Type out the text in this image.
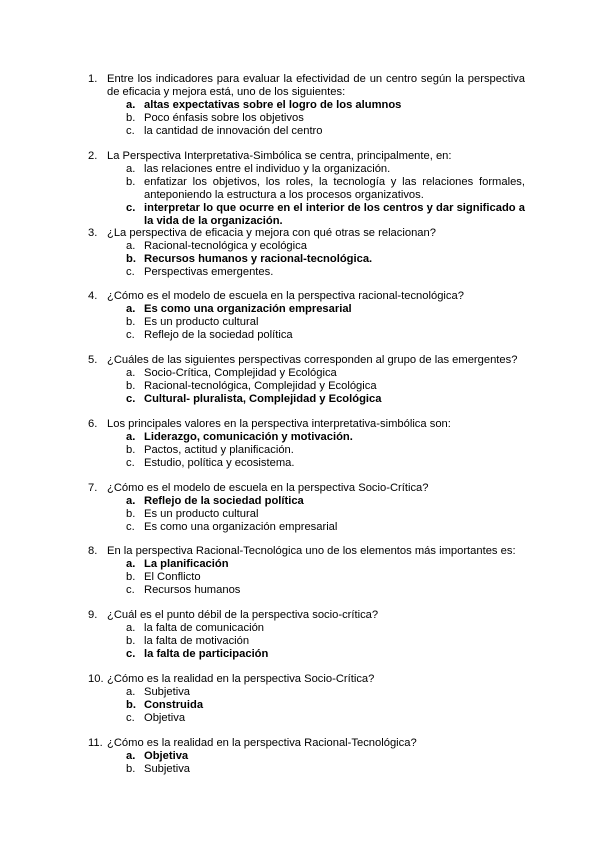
1. Entre los indicadores para evaluar la efectividad de un centro según la perspectiva
de eficacia y mejora está, uno de los siguientes:
a. altas expectativas sobre el logro de los alumnos
b. Poco énfasis sobre los objetivos
c. la cantidad de innovación del centro
2. La Perspectiva Interpretativa-Simbólica se centra, principalmente, en:
a. las relaciones entre el individuo y la organización.
b. enfatizar los objetivos, los roles, la tecnología y las relaciones formales,
anteponiendo la estructura a los procesos organizativos.
c. interpretar lo que ocurre en el interior de los centros y dar significado a
la vida de la organización.
3. ¿La perspectiva de eficacia y mejora con qué otras se relacionan?
a. Racional-tecnológica y ecológica
b. Recursos humanos y racional-tecnológica.
c. Perspectivas emergentes.
4. ¿Cómo es el modelo de escuela en la perspectiva racional-tecnológica?
a. Es como una organización empresarial
b. Es un producto cultural
c. Reflejo de la sociedad política
5. ¿Cuáles de las siguientes perspectivas corresponden al grupo de las emergentes?
a. Socio-Crítica, Complejidad y Ecológica
b. Racional-tecnológica, Complejidad y Ecológica
c. Cultural- pluralista, Complejidad y Ecológica
6. Los principales valores en la perspectiva interpretativa-simbólica son:
a. Liderazgo, comunicación y motivación.
b. Pactos, actitud y planificación.
c. Estudio, política y ecosistema.
7. ¿Cómo es el modelo de escuela en la perspectiva Socio-Crítica?
a. Reflejo de la sociedad política
b. Es un producto cultural
c. Es como una organización empresarial
8. En la perspectiva Racional-Tecnológica uno de los elementos más importantes es:
a. La planificación
b. El Conflicto
c. Recursos humanos
9. ¿Cuál es el punto débil de la perspectiva socio-crítica?
a. la falta de comunicación
b. la falta de motivación
c. la falta de participación
10. ¿Cómo es la realidad en la perspectiva Socio-Crítica?
a. Subjetiva
b. Construida
c. Objetiva
11. ¿Cómo es la realidad en la perspectiva Racional-Tecnológica?
a. Objetiva
b. Subjetiva
